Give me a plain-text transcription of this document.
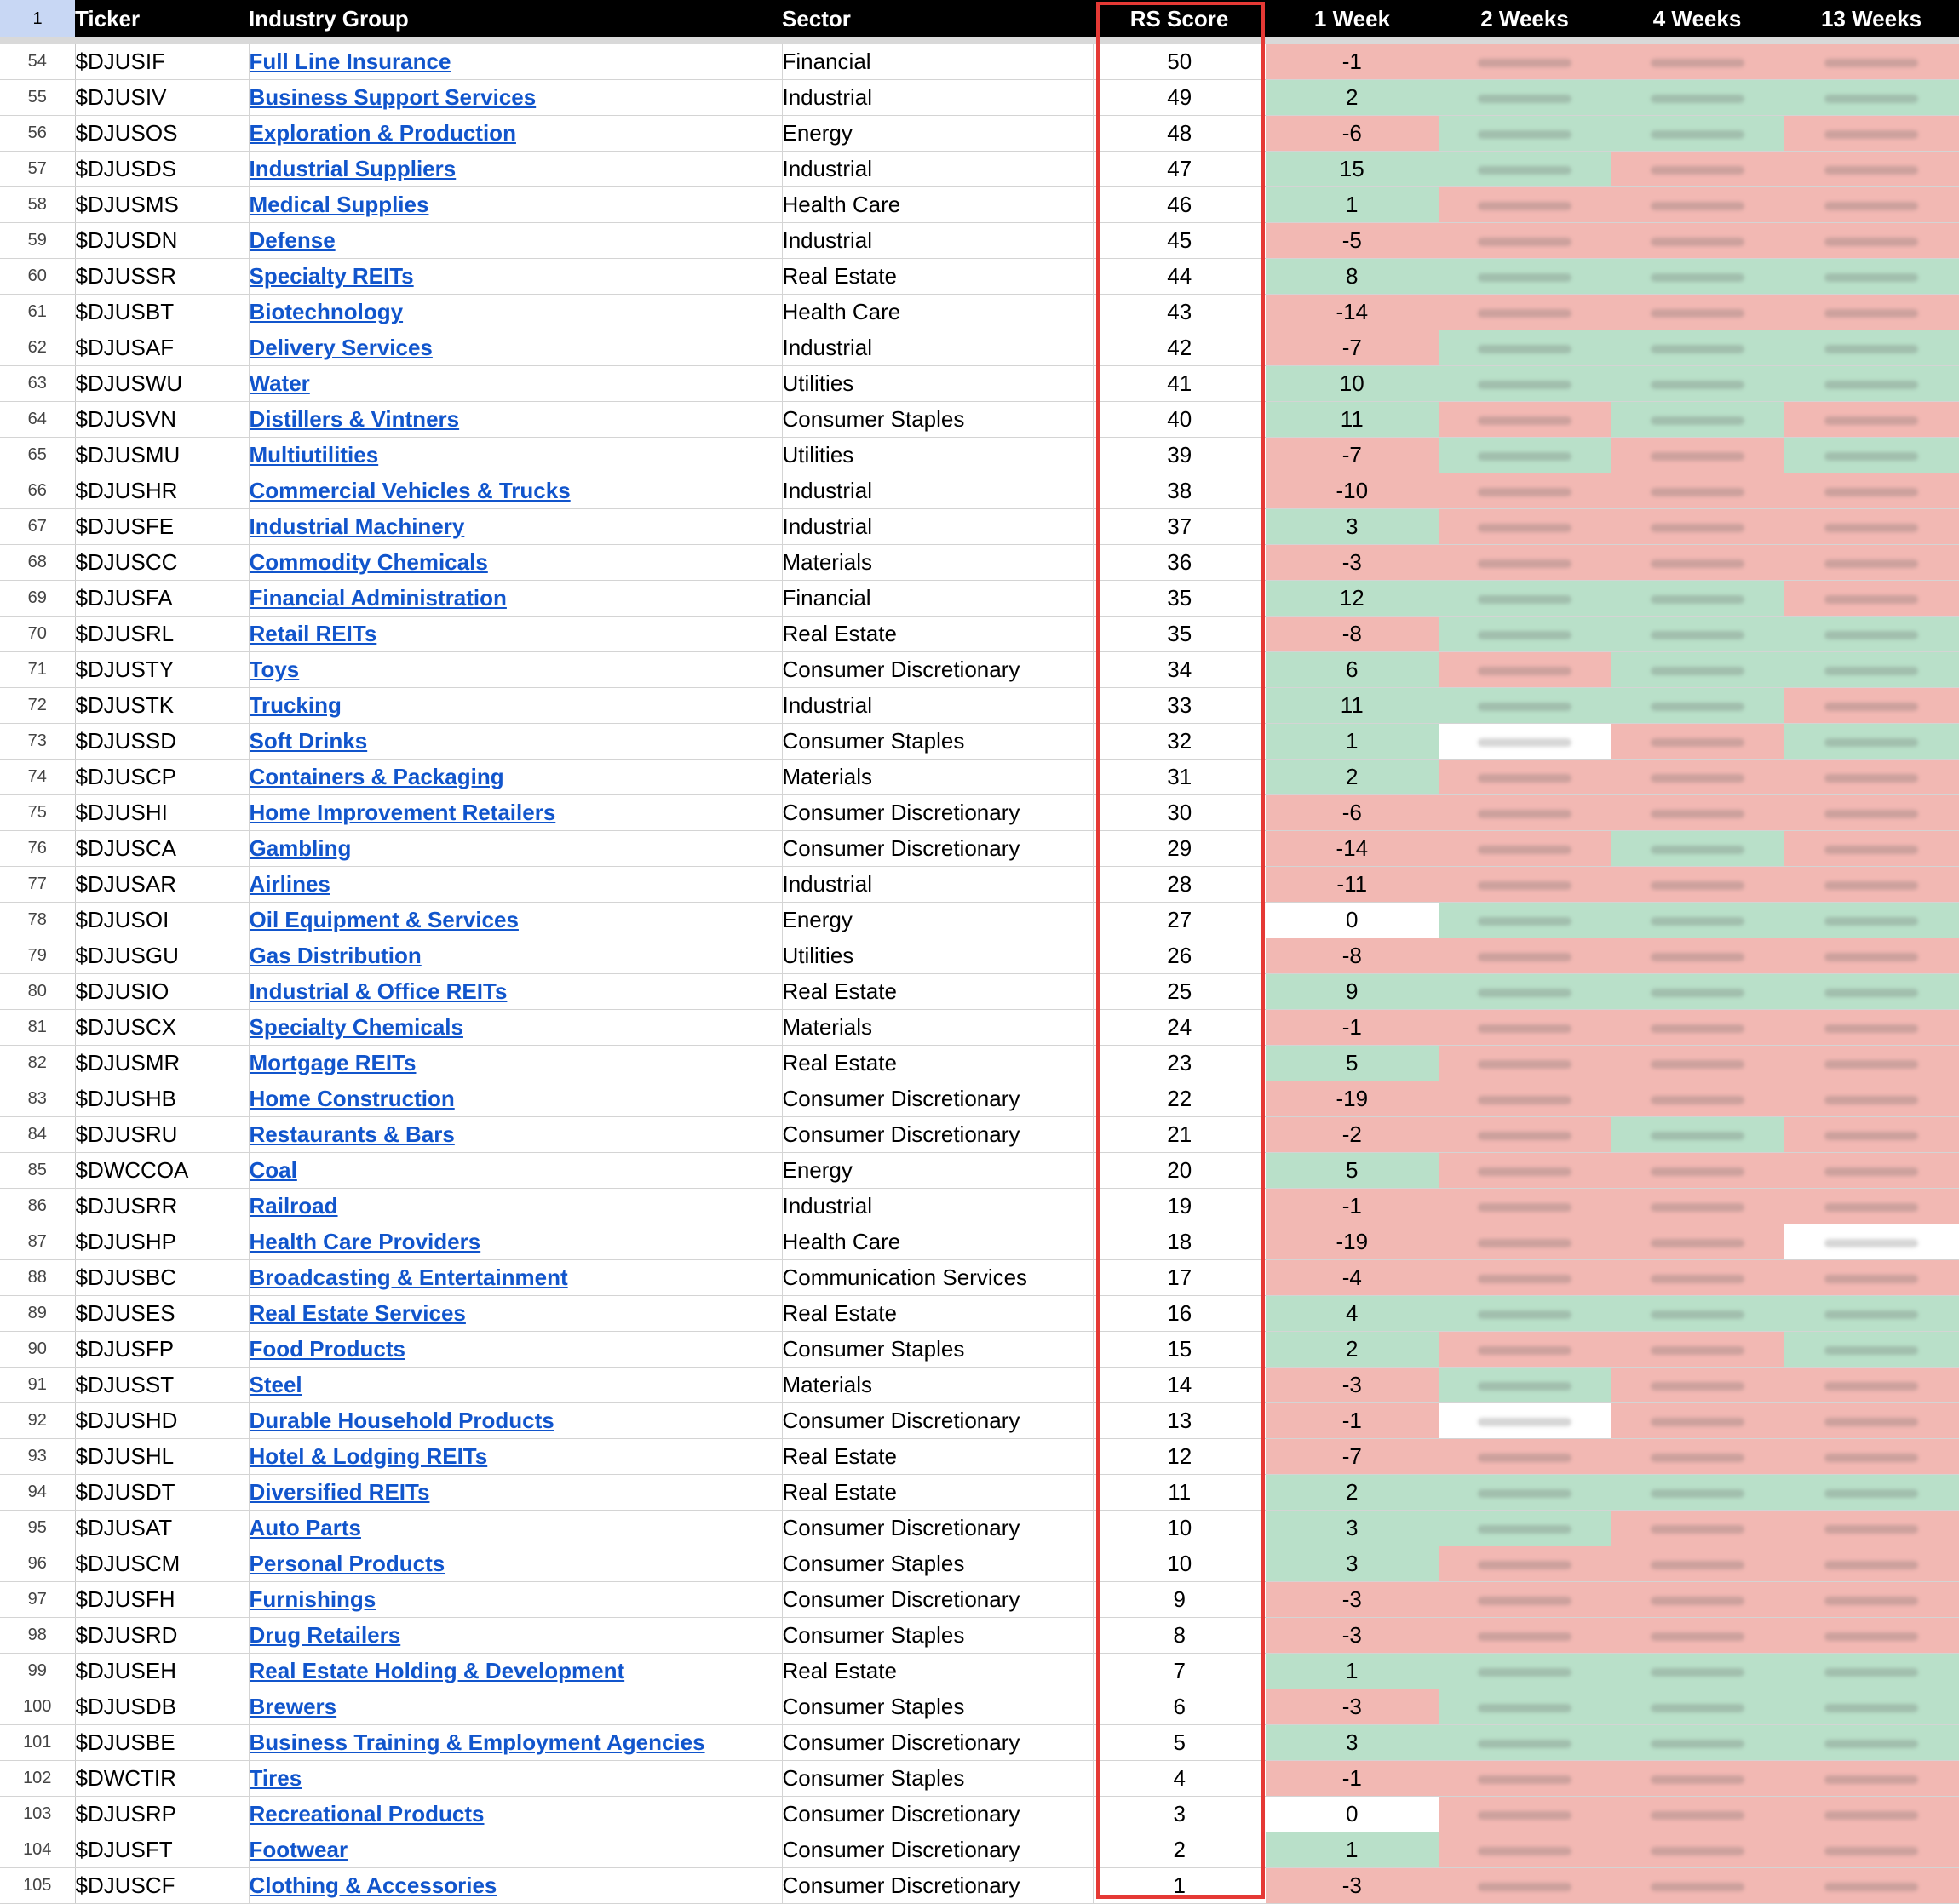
1	Ticker	Industry Group	Sector	RS Score	1 Week	2 Weeks	4 Weeks	13 Weeks
54	$DJUSIF	Full Line Insurance	Financial	50	-1			
55	$DJUSIV	Business Support Services	Industrial	49	2			
56	$DJUSOS	Exploration & Production	Energy	48	-6			
57	$DJUSDS	Industrial Suppliers	Industrial	47	15			
58	$DJUSMS	Medical Supplies	Health Care	46	1			
59	$DJUSDN	Defense	Industrial	45	-5			
60	$DJUSSR	Specialty REITs	Real Estate	44	8			
61	$DJUSBT	Biotechnology	Health Care	43	-14			
62	$DJUSAF	Delivery Services	Industrial	42	-7			
63	$DJUSWU	Water	Utilities	41	10			
64	$DJUSVN	Distillers & Vintners	Consumer Staples	40	11			
65	$DJUSMU	Multiutilities	Utilities	39	-7			
66	$DJUSHR	Commercial Vehicles & Trucks	Industrial	38	-10			
67	$DJUSFE	Industrial Machinery	Industrial	37	3			
68	$DJUSCC	Commodity Chemicals	Materials	36	-3			
69	$DJUSFA	Financial Administration	Financial	35	12			
70	$DJUSRL	Retail REITs	Real Estate	35	-8			
71	$DJUSTY	Toys	Consumer Discretionary	34	6			
72	$DJUSTK	Trucking	Industrial	33	11			
73	$DJUSSD	Soft Drinks	Consumer Staples	32	1			
74	$DJUSCP	Containers & Packaging	Materials	31	2			
75	$DJUSHI	Home Improvement Retailers	Consumer Discretionary	30	-6			
76	$DJUSCA	Gambling	Consumer Discretionary	29	-14			
77	$DJUSAR	Airlines	Industrial	28	-11			
78	$DJUSOI	Oil Equipment & Services	Energy	27	0			
79	$DJUSGU	Gas Distribution	Utilities	26	-8			
80	$DJUSIO	Industrial & Office REITs	Real Estate	25	9			
81	$DJUSCX	Specialty Chemicals	Materials	24	-1			
82	$DJUSMR	Mortgage REITs	Real Estate	23	5			
83	$DJUSHB	Home Construction	Consumer Discretionary	22	-19			
84	$DJUSRU	Restaurants & Bars	Consumer Discretionary	21	-2			
85	$DWCCOA	Coal	Energy	20	5			
86	$DJUSRR	Railroad	Industrial	19	-1			
87	$DJUSHP	Health Care Providers	Health Care	18	-19			
88	$DJUSBC	Broadcasting & Entertainment	Communication Services	17	-4			
89	$DJUSES	Real Estate Services	Real Estate	16	4			
90	$DJUSFP	Food Products	Consumer Staples	15	2			
91	$DJUSST	Steel	Materials	14	-3			
92	$DJUSHD	Durable Household Products	Consumer Discretionary	13	-1			
93	$DJUSHL	Hotel & Lodging REITs	Real Estate	12	-7			
94	$DJUSDT	Diversified REITs	Real Estate	11	2			
95	$DJUSAT	Auto Parts	Consumer Discretionary	10	3			
96	$DJUSCM	Personal Products	Consumer Staples	10	3			
97	$DJUSFH	Furnishings	Consumer Discretionary	9	-3			
98	$DJUSRD	Drug Retailers	Consumer Staples	8	-3			
99	$DJUSEH	Real Estate Holding & Development	Real Estate	7	1			
100	$DJUSDB	Brewers	Consumer Staples	6	-3			
101	$DJUSBE	Business Training & Employment Agencies	Consumer Discretionary	5	3			
102	$DWCTIR	Tires	Consumer Staples	4	-1			
103	$DJUSRP	Recreational Products	Consumer Discretionary	3	0			
104	$DJUSFT	Footwear	Consumer Discretionary	2	1			
105	$DJUSCF	Clothing & Accessories	Consumer Discretionary	1	-3			
